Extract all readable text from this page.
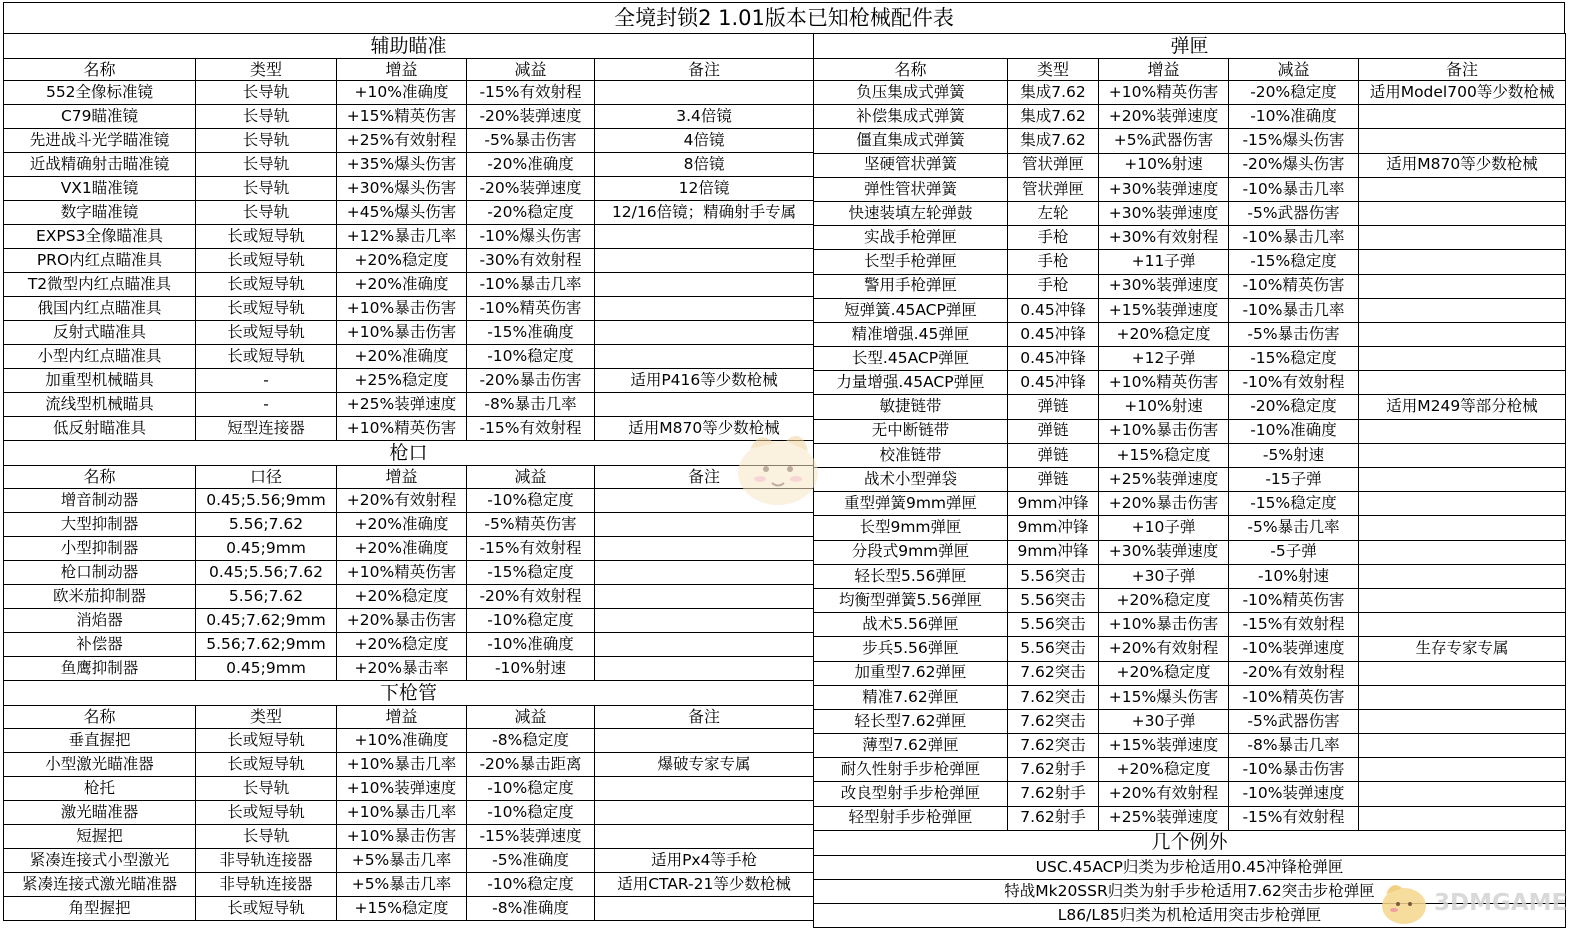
全境封锁2 1.01版本已知枪械配件表
辅助瞄准				
名称	类型	增益	减益	备注
552全像标准镜	长导轨	+10%准确度	-15%有效射程	
C79瞄准镜	长导轨	+15%精英伤害	-20%装弹速度	3.4倍镜
先进战斗光学瞄准镜	长导轨	+25%有效射程	-5%暴击伤害	4倍镜
近战精确射击瞄准镜	长导轨	+35%爆头伤害	-20%准确度	8倍镜
VX1瞄准镜	长导轨	+30%爆头伤害	-20%装弹速度	12倍镜
数字瞄准镜	长导轨	+45%爆头伤害	-20%稳定度	12/16倍镜；精确射手专属
EXPS3全像瞄准具	长或短导轨	+12%暴击几率	-10%爆头伤害	
PRO内红点瞄准具	长或短导轨	+20%稳定度	-30%有效射程	
T2微型内红点瞄准具	长或短导轨	+20%准确度	-10%暴击几率	
俄国内红点瞄准具	长或短导轨	+10%暴击伤害	-10%精英伤害	
反射式瞄准具	长或短导轨	+10%暴击伤害	-15%准确度	
小型内红点瞄准具	长或短导轨	+20%准确度	-10%稳定度	
加重型机械瞄具	-	+25%稳定度	-20%暴击伤害	适用P416等少数枪械
流线型机械瞄具	-	+25%装弹速度	-8%暴击几率	
低反射瞄准具	短型连接器	+10%精英伤害	-15%有效射程	适用M870等少数枪械
枪口				
名称	口径	增益	减益	备注
增音制动器	0.45;5.56;9mm	+20%有效射程	-10%稳定度	
大型抑制器	5.56;7.62	+20%准确度	-5%精英伤害	
小型抑制器	0.45;9mm	+20%准确度	-15%有效射程	
枪口制动器	0.45;5.56;7.62	+10%精英伤害	-15%稳定度	
欧米茄抑制器	5.56;7.62	+20%稳定度	-20%有效射程	
消焰器	0.45;7.62;9mm	+20%暴击伤害	-10%稳定度	
补偿器	5.56;7.62;9mm	+20%稳定度	-10%准确度	
鱼鹰抑制器	0.45;9mm	+20%暴击率	-10%射速	
下枪管				
名称	类型	增益	减益	备注
垂直握把	长或短导轨	+10%准确度	-8%稳定度	
小型激光瞄准器	长或短导轨	+10%暴击几率	-20%暴击距离	爆破专家专属
枪托	长导轨	+10%装弹速度	-10%稳定度	
激光瞄准器	长或短导轨	+10%暴击几率	-10%稳定度	
短握把	长导轨	+10%暴击伤害	-15%装弹速度	
紧凑连接式小型激光	非导轨连接器	+5%暴击几率	-5%准确度	适用Px4等手枪
紧凑连接式激光瞄准器	非导轨连接器	+5%暴击几率	-10%稳定度	适用CTAR-21等少数枪械
角型握把	长或短导轨	+15%稳定度	-8%准确度	
弹匣				
名称	类型	增益	减益	备注
负压集成式弹簧	集成7.62	+10%精英伤害	-20%稳定度	适用Model700等少数枪械
补偿集成式弹簧	集成7.62	+20%装弹速度	-10%准确度	
僵直集成式弹簧	集成7.62	+5%武器伤害	-15%爆头伤害	
坚硬管状弹簧	管状弹匣	+10%射速	-20%爆头伤害	适用M870等少数枪械
弹性管状弹簧	管状弹匣	+30%装弹速度	-10%暴击几率	
快速装填左轮弹鼓	左轮	+30%装弹速度	-5%武器伤害	
实战手枪弹匣	手枪	+30%有效射程	-10%暴击几率	
长型手枪弹匣	手枪	+11子弹	-15%稳定度	
警用手枪弹匣	手枪	+30%装弹速度	-10%精英伤害	
短弹簧.45ACP弹匣	0.45冲锋	+15%装弹速度	-10%暴击几率	
精准增强.45弹匣	0.45冲锋	+20%稳定度	-5%暴击伤害	
长型.45ACP弹匣	0.45冲锋	+12子弹	-15%稳定度	
力量增强.45ACP弹匣	0.45冲锋	+10%精英伤害	-10%有效射程	
敏捷链带	弹链	+10%射速	-20%稳定度	适用M249等部分枪械
无中断链带	弹链	+10%暴击伤害	-10%准确度	
校准链带	弹链	+15%稳定度	-5%射速	
战术小型弹袋	弹链	+25%装弹速度	-15子弹	
重型弹簧9mm弹匣	9mm冲锋	+20%暴击伤害	-15%稳定度	
长型9mm弹匣	9mm冲锋	+10子弹	-5%暴击几率	
分段式9mm弹匣	9mm冲锋	+30%装弹速度	-5子弹	
轻长型5.56弹匣	5.56突击	+30子弹	-10%射速	
均衡型弹簧5.56弹匣	5.56突击	+20%稳定度	-10%精英伤害	
战术5.56弹匣	5.56突击	+10%暴击伤害	-15%有效射程	
步兵5.56弹匣	5.56突击	+20%有效射程	-10%装弹速度	生存专家专属
加重型7.62弹匣	7.62突击	+20%稳定度	-20%有效射程	
精准7.62弹匣	7.62突击	+15%爆头伤害	-10%精英伤害	
轻长型7.62弹匣	7.62突击	+30子弹	-5%武器伤害	
薄型7.62弹匣	7.62突击	+15%装弹速度	-8%暴击几率	
耐久性射手步枪弹匣	7.62射手	+20%稳定度	-10%暴击伤害	
改良型射手步枪弹匣	7.62射手	+20%有效射程	-10%装弹速度	
轻型射手步枪弹匣	7.62射手	+25%装弹速度	-15%有效射程	
几个例外				
USC.45ACP归类为步枪适用0.45冲锋枪弹匣				
特战Mk20SSR归类为射手步枪适用7.62突击步枪弹匣				
L86/L85归类为机枪适用突击步枪弹匣					3DMGAME
